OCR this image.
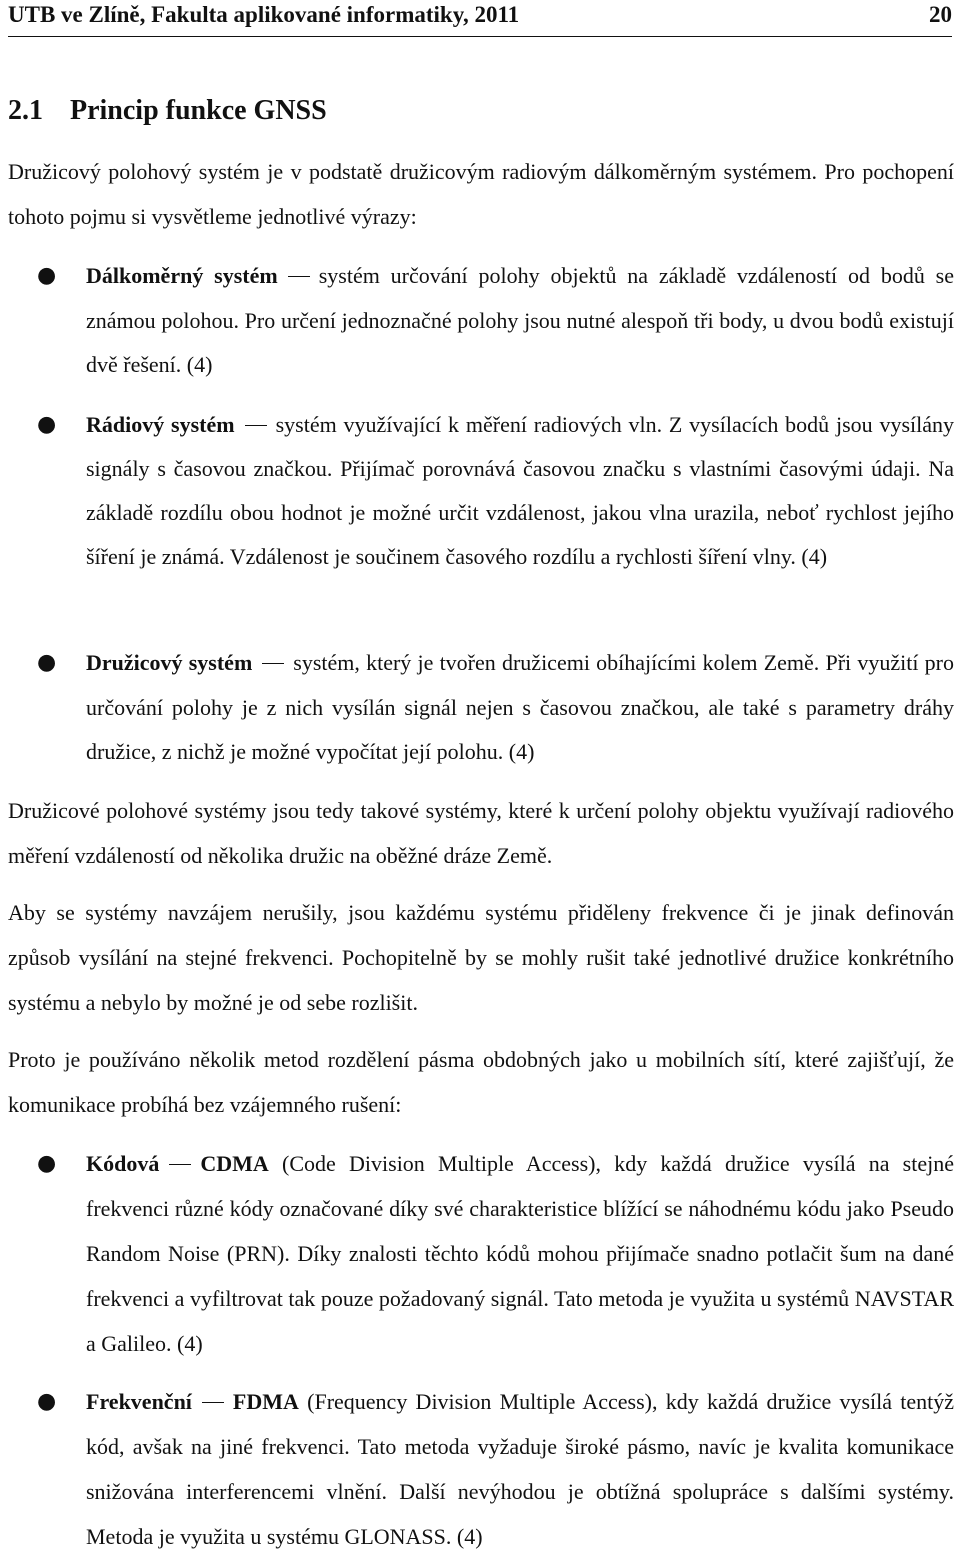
UTB ve Zlíně, Fakulta aplikované informatiky, 2011	20
2.1 Princip funkce GNSS
Družicový polohový systém je v podstatě družicovým radiovým dálkoměrným systémem. Pro pochopení tohoto pojmu si vysvětleme jednotlivé výrazy:
● Dálkoměrný systém systém určování polohy objektů na základě vzdáleností od bodů se známou polohou. Pro určení jednoznačné polohy jsou nutné alespoň tři body, u dvou bodů existují dvě řešení. (4)
● Rádiový systém systém využívající k měření radiových vln. Z vysílacích bodů jsou vysílány signály s časovou značkou. Přijímač porovnává časovou značku s vlastními časovými údaji. Na základě rozdílu obou hodnot je možné určit vzdálenost, jakou vlna urazila, neboť rychlost jejího šíření je známá. Vzdálenost je součinem časového rozdílu a rychlosti šíření vlny. (4)
● Družicový systém systém, který je tvořen družicemi obíhajícími kolem Země. Při využití pro určování polohy je z nich vysílán signál nejen s časovou značkou, ale také s parametry dráhy družice, z nichž je možné vypočítat její polohu. (4)
Družicové polohové systémy jsou tedy takové systémy, které k určení polohy objektu využívají radiového měření vzdáleností od několika družic na oběžné dráze Země.
Aby se systémy navzájem nerušily, jsou každému systému přiděleny frekvence či je jinak definován způsob vysílání na stejné frekvenci. Pochopitelně by se mohly rušit také jednotlivé družice konkrétního systému a nebylo by možné je od sebe rozlišit.
Proto je používáno několik metod rozdělení pásma obdobných jako u mobilních sítí, které zajišťují, že komunikace probíhá bez vzájemného rušení:
● Kódová CDMA (Code Division Multiple Access), kdy každá družice vysílá na stejné frekvenci různé kódy označované díky své charakteristice blížící se náhodnému kódu jako Pseudo Random Noise (PRN). Díky znalosti těchto kódů mohou přijímače snadno potlačit šum na dané frekvenci a vyfiltrovat tak pouze požadovaný signál. Tato metoda je využita u systémů NAVSTAR a Galileo. (4)
● Frekvenční FDMA (Frequency Division Multiple Access), kdy každá družice vysílá tentýž kód, avšak na jiné frekvenci. Tato metoda vyžaduje široké pásmo, navíc je kvalita komunikace snižována interferencemi vlnění. Další nevýhodou je obtížná spolupráce s dalšími systémy. Metoda je využita u systému GLONASS. (4)
